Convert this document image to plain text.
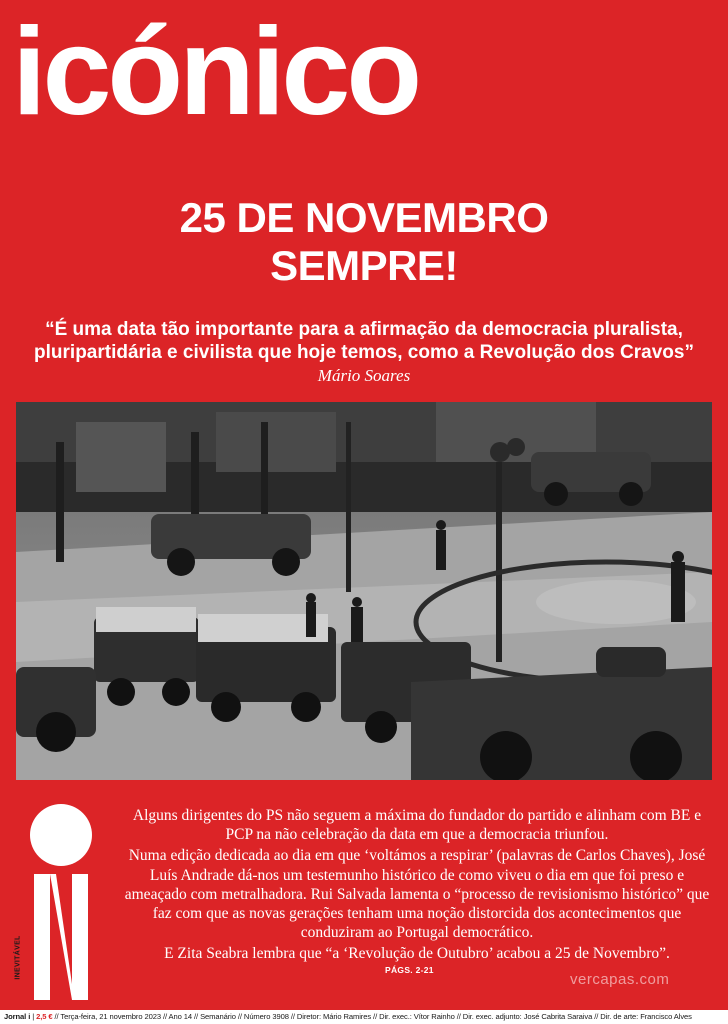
icónico
25 DE NOVEMBRO
SEMPRE!
“É uma data tão importante para a afirmação da democracia pluralista,
pluripartidária e civilista que hoje temos, como a Revolução dos Cravos”
Mário Soares
INEVITÁVEL

Alguns dirigentes do PS não seguem a máxima do fundador do partido e alinham com BE e PCP na não celebração da data em que a democracia triunfou.

Numa edição dedicada ao dia em que ‘voltámos a respirar’ (palavras de Carlos Chaves), José Luís Andrade dá-nos um testemunho histórico de como viveu o dia em que foi preso e ameaçado com metralhadora. Rui Salvada lamenta o “processo de revisionismo histórico” que faz com que as novas gerações tenham uma noção distorcida dos acontecimentos que conduziram ao Portugal democrático.

E Zita Seabra lembra que “a ‘Revolução de Outubro’ acabou a 25 de Novembro”.

PÁGS. 2-21
vercapas.com
Jornal i | 2,5 € // Terça-feira, 21 novembro 2023 // Ano 14 // Semanário // Número 3908 // Diretor: Mário Ramires // Dir. exec.: Vítor Rainho // Dir. exec. adjunto: José Cabrita Saraiva // Dir. de arte: Francisco Alves
